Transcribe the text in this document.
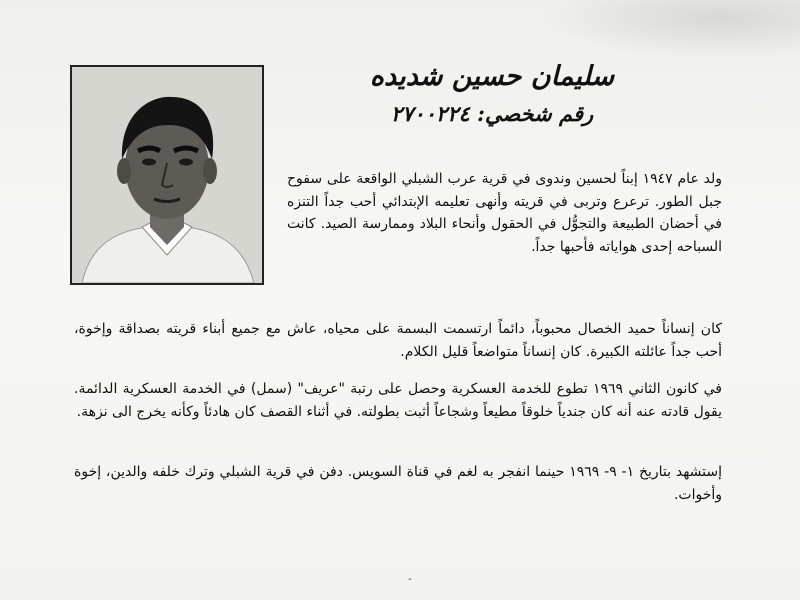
سليمان حسين شديده
رقم شخصي: ٢٧٠٠٢٢٤

ولد عام ١٩٤٧ إبناً لحسين وندوى في قرية عرب الشبلي الواقعة على سفوح جبل الطور. ترعرع وتربى في قريته وأنهى تعليمه الإبتدائي أحب جداً التنزه في أحضان الطبيعة والتجوُّل في الحقول وأنحاء البلاد وممارسة الصيد. كانت السباحه إحدى هواياته فأحبها جداً.

كان إنساناً حميد الخصال محبوباً، دائماً ارتسمت البسمة على محياه، عاش مع جميع أبناء قريته بصداقة وإخوة، أحب جداً عائلته الكبيرة. كان إنساناً متواضعاً قليل الكلام.

في كانون الثاني ١٩٦٩ تطوع للخدمة العسكرية وحصل على رتبة "عريف" (سمل) في الخدمة العسكرية الدائمة. يقول قادته عنه أنه كان جندياً خلوقاً مطيعاً وشجاعاً أثبت بطولته. في أثناء القصف كان هادئاً وكأنه يخرج الى نزهة.

إستشهد بتاريخ ١- ٩- ١٩٦٩ حينما انفجر به لغم في قناة السويس. دفن في قرية الشبلي وترك خلفه والدين، إخوة وأخوات.

-
